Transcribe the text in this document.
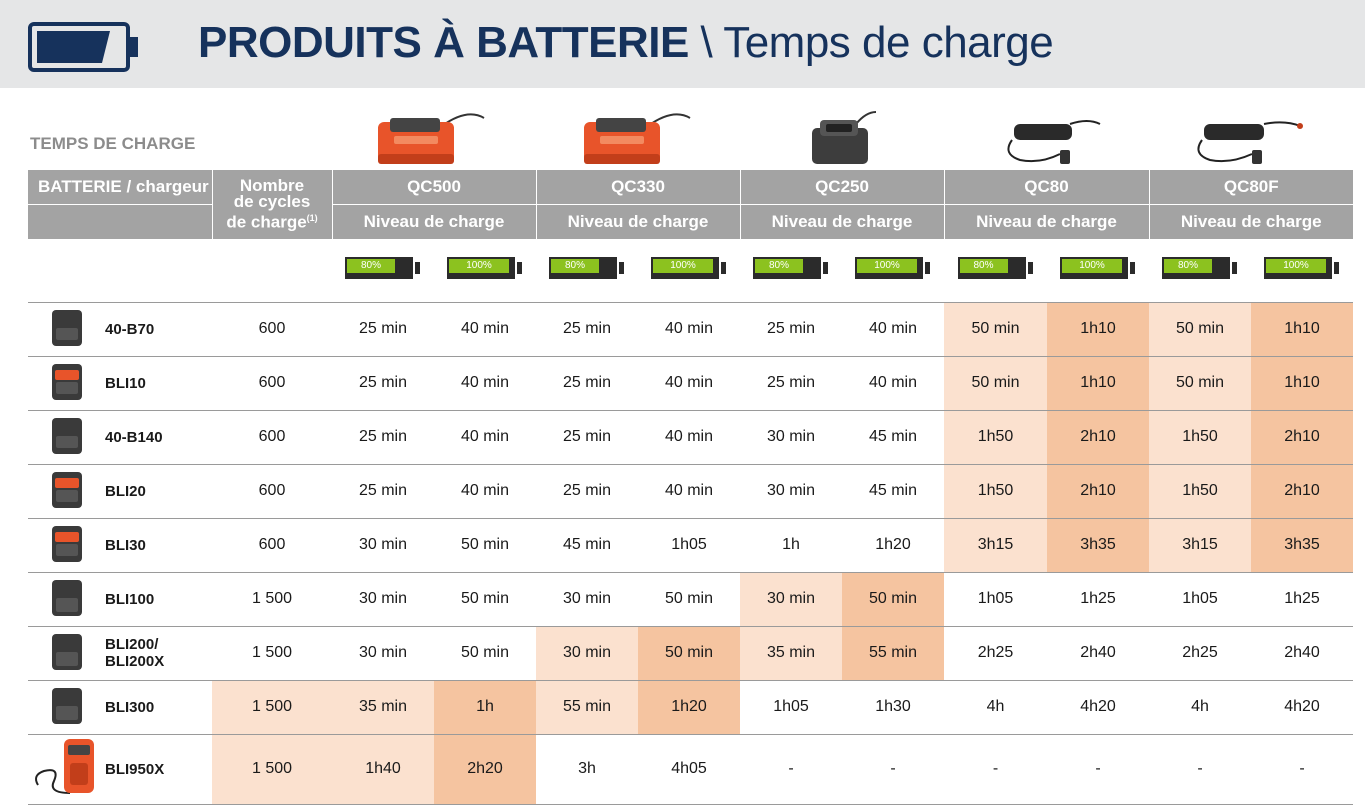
PRODUITS À BATTERIE \ Temps de charge
TEMPS DE CHARGE
BATTERIE / chargeur		Nombre
de cycles
de charge$^{(1)}$	QC500		QC330		QC250		QC80		QC80F	
			Niveau de charge		Niveau de charge		Niveau de charge		Niveau de charge		Niveau de charge	

			80%	100%	80%	100%	80%	100%	80%	100%	80%	100%

	40-B70	600	25 min	40 min	25 min	40 min	25 min	40 min	50 min	1h10	50 min	1h10
	BLI10	600	25 min	40 min	25 min	40 min	25 min	40 min	50 min	1h10	50 min	1h10
	40-B140	600	25 min	40 min	25 min	40 min	30 min	45 min	1h50	2h10	1h50	2h10
	BLI20	600	25 min	40 min	25 min	40 min	30 min	45 min	1h50	2h10	1h50	2h10
	BLI30	600	30 min	50 min	45 min	1h05	1h	1h20	3h15	3h35	3h15	3h35
	BLI100	1 500	30 min	50 min	30 min	50 min	30 min	50 min	1h05	1h25	1h05	1h25
	BLI200/
BLI200X	1 500	30 min	50 min	30 min	50 min	35 min	55 min	2h25	2h40	2h25	2h40
	BLI300	1 500	35 min	1h	55 min	1h20	1h05	1h30	4h	4h20	4h	4h20
	BLI950X	1 500	1h40	2h20	3h	4h05	-	-	-	-	-	-
